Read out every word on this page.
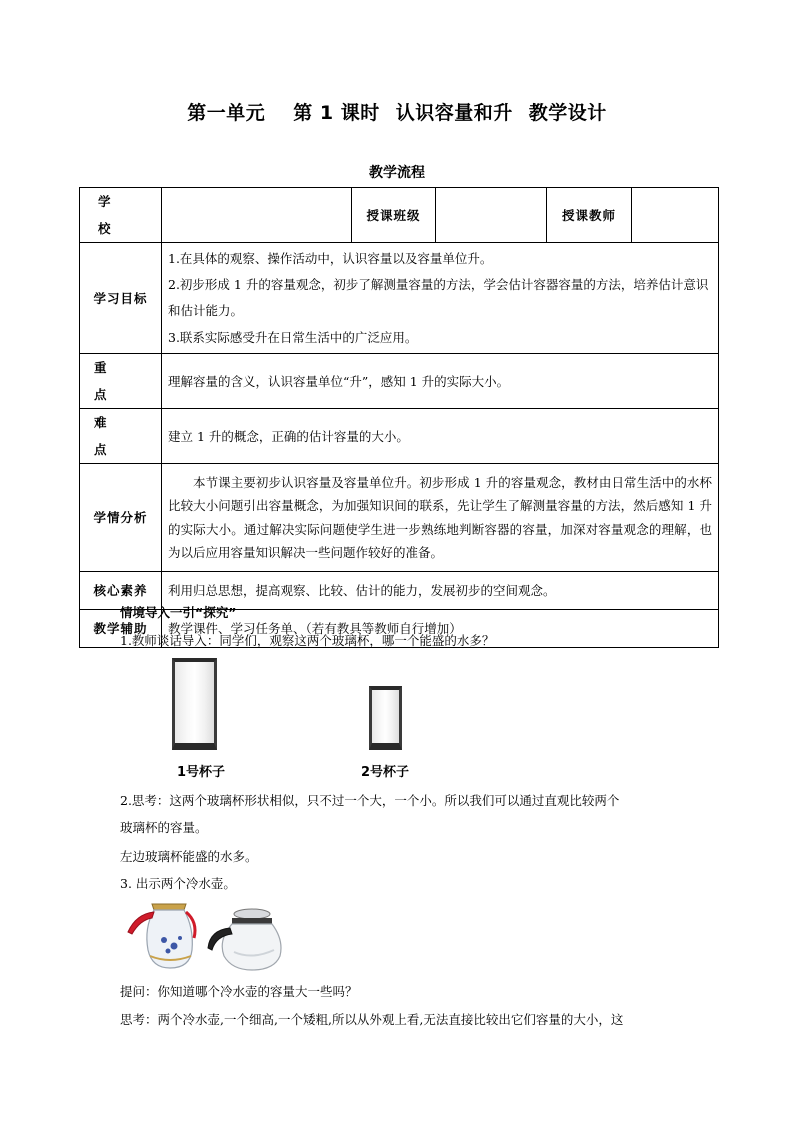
第一单元 第 1 课时 认识容量和升 教学设计
教学流程
学 校		授课班级		授课教师	
学习目标	1.在具体的观察、操作活动中，认识容量以及容量单位升。
2.初步形成 1 升的容量观念，初步了解测量容量的方法，学会估计容器容量的方法，培养估计意识和估计能力。
3.联系实际感受升在日常生活中的广泛应用。				

重 点	理解容量的含义，认识容量单位“升”，感知 1 升的实际大小。				
难 点	建立 1 升的概念，正确的估计容量的大小。				
学情分析	本节课主要初步认识容量及容量单位升。初步形成 1 升的容量观念，教材由日常生活中的水杯比较大小问题引出容量概念，为加强知识间的联系，先让学生了解测量容量的方法，然后感知 1 升的实际大小。通过解决实际问题使学生进一步熟练地判断容器的容量，加深对容量观念的理解，也为以后应用容量知识解决一些问题作较好的准备。				
核心素养	利用归总思想，提高观察、比较、估计的能力，发展初步的空间观念。				
教学辅助	教学课件、学习任务单、（若有教具等教师自行增加）				
情境导入一引“探究”
1.教师谈话导入：同学们，观察这两个玻璃杯，哪一个能盛的水多？
1号杯子	2号杯子
2.思考：这两个玻璃杯形状相似，只不过一个大，一个小。所以我们可以通过直观比较两个
玻璃杯的容量。
左边玻璃杯能盛的水多。
3. 出示两个冷水壶。
提问：你知道哪个冷水壶的容量大一些吗？
思考：两个冷水壶,一个细高,一个矮粗,所以从外观上看,无法直接比较出它们容量的大小，这
